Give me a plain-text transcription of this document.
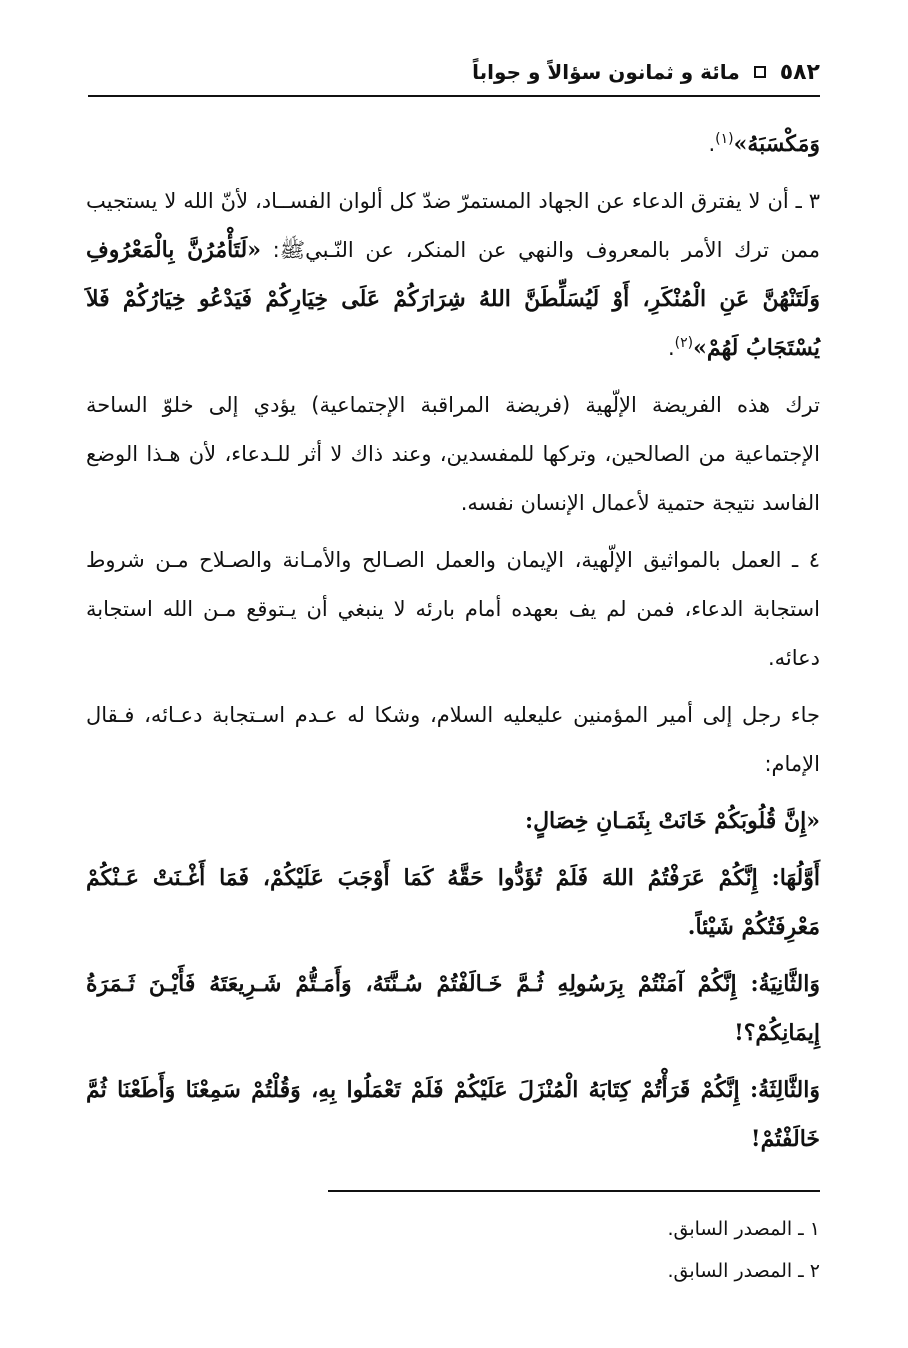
٥٨٢
مائة و ثمانون سؤالاً و جواباً

وَمَكْسَبَهُ»$^{(١)}$.

٣ ـ أن لا يفترق الدعاء عن الجهاد المستمرّ ضدّ كل ألوان الفســاد، لأنّ الله لا يستجيب ممن ترك الأمر بالمعروف والنهي عن المنكر، عن النّـبي‏ﷺ: «لَتَأْمُرُنَّ بِالْمَعْرُوفِ وَلَتَنْهُنَّ عَنِ الْمُنْكَرِ، أَوْ لَيُسَلِّطَنَّ اللهُ شِرَارَكُمْ عَلَى خِيَارِكُمْ فَيَدْعُو خِيَارُكُمْ فَلاَ يُسْتَجَابُ لَهُمْ»$^{(٢)}$.

ترك هذه الفريضة الإلّهية (فريضة المراقبة الإجتماعية) يؤدي إلى خلوّ الساحة الإجتماعية من الصالحين، وتركها للمفسدين، وعند ذاك لا أثر للـدعاء، لأن هـذا الوضع الفاسد نتيجة حتمية لأعمال الإنسان نفسه.

٤ ـ العمل بالمواثيق الإلّهية، الإيمان والعمل الصـالح والأمـانة والصـلاح مـن شروط استجابة الدعاء، فمن لم يف بعهده أمام بارئه لا ينبغي أن يـتوقع مـن الله استجابة دعائه.

جاء رجل إلى أمير المؤمنين عليعليه السلام، وشكا له عـدم اسـتجابة دعـائه، فـقال الإمام:

«إِنَّ قُلُوبَكُمْ خَانَتْ بِثَمَـانِ خِصَالٍ:

أَوَّلُهَا: إِنَّكُمْ عَرَفْتُمُ اللهَ فَلَمْ تُؤَدُّوا حَقَّهُ كَمَا أَوْجَبَ عَلَيْكُمْ، فَمَا أَغْـنَتْ عَـنْكُمْ مَعْرِفَتُكُمْ شَيْئاً.

وَالثَّانِيَةُ: إِنَّكُمْ آمَنْتُمْ بِرَسُولِهِ ثُـمَّ خَـالَفْتُمْ سُـنَّتَهُ، وَأَمَـتُّمْ شَـرِيعَتَهُ فَأَيْـنَ ثَـمَرَةُ إِيمَانِكُمْ؟!

وَالثَّالِثَةُ: إِنَّكُمْ قَرَأْتُمْ كِتَابَهُ الْمُنْزَلَ عَلَيْكُمْ فَلَمْ تَعْمَلُوا بِهِ، وَقُلْتُمْ سَمِعْنَا وَأَطَعْنَا ثُمَّ خَالَفْتُمْ!

١ ـ المصدر السابق.
٢ ـ المصدر السابق.
